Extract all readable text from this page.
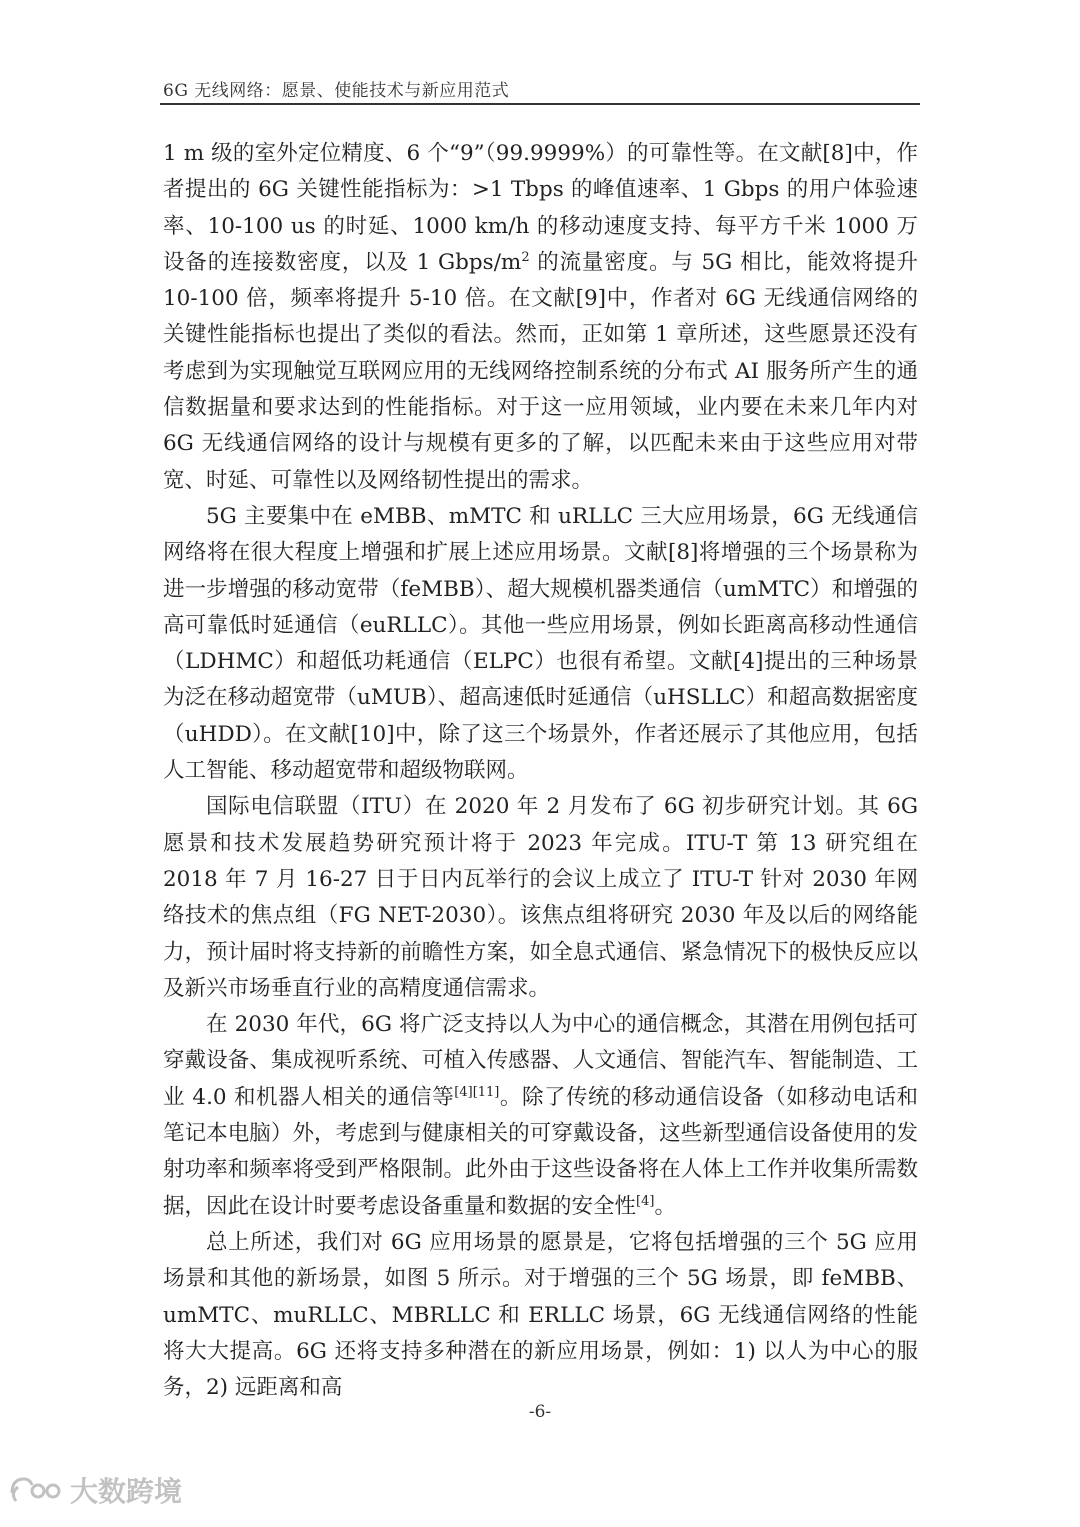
6G 无线网络：愿景、使能技术与新应用范式

1 m 级的室外定位精度、6 个“9”（99.9999%）的可靠性等。在文献[8]中，作者提出的 6G 关键性能指标为：>1 Tbps 的峰值速率、1 Gbps 的用户体验速率、10-100 us 的时延、1000 km/h 的移动速度支持、每平方千米 1000 万设备的连接数密度，以及 1 Gbps/$m^2$ 的流量密度。与 5G 相比，能效将提升 10-100 倍，频率将提升 5-10 倍。在文献[9]中，作者对 6G 无线通信网络的关键性能指标也提出了类似的看法。然而，正如第 1 章所述，这些愿景还没有考虑到为实现触觉互联网应用的无线网络控制系统的分布式 AI 服务所产生的通信数据量和要求达到的性能指标。对于这一应用领域，业内要在未来几年内对 6G 无线通信网络的设计与规模有更多的了解，以匹配未来由于这些应用对带宽、时延、可靠性以及网络韧性提出的需求。

5G 主要集中在 eMBB、mMTC 和 uRLLC 三大应用场景，6G 无线通信网络将在很大程度上增强和扩展上述应用场景。文献[8]将增强的三个场景称为进一步增强的移动宽带（feMBB）、超大规模机器类通信（umMTC）和增强的高可靠低时延通信（euRLLC）。其他一些应用场景，例如长距离高移动性通信（LDHMC）和超低功耗通信（ELPC）也很有希望。文献[4]提出的三种场景为泛在移动超宽带（uMUB）、超高速低时延通信（uHSLLC）和超高数据密度（uHDD）。在文献[10]中，除了这三个场景外，作者还展示了其他应用，包括人工智能、移动超宽带和超级物联网。

国际电信联盟（ITU）在 2020 年 2 月发布了 6G 初步研究计划。其 6G 愿景和技术发展趋势研究预计将于 2023 年完成。ITU-T 第 13 研究组在 2018 年 7 月 16-27 日于日内瓦举行的会议上成立了 ITU-T 针对 2030 年网络技术的焦点组（FG NET-2030）。该焦点组将研究 2030 年及以后的网络能力，预计届时将支持新的前瞻性方案，如全息式通信、紧急情况下的极快反应以及新兴市场垂直行业的高精度通信需求。

在 2030 年代，6G 将广泛支持以人为中心的通信概念，其潜在用例包括可穿戴设备、集成视听系统、可植入传感器、人文通信、智能汽车、智能制造、工业 4.0 和机器人相关的通信等[4][11]。除了传统的移动通信设备（如移动电话和笔记本电脑）外，考虑到与健康相关的可穿戴设备，这些新型通信设备使用的发射功率和频率将受到严格限制。此外由于这些设备将在人体上工作并收集所需数据，因此在设计时要考虑设备重量和数据的安全性[4]。

总上所述，我们对 6G 应用场景的愿景是，它将包括增强的三个 5G 应用场景和其他的新场景，如图 5 所示。对于增强的三个 5G 场景，即 feMBB、umMTC、muRLLC、MBRLLC 和 ERLLC 场景，6G 无线通信网络的性能将大大提高。6G 还将支持多种潜在的新应用场景，例如：1) 以人为中心的服务，2) 远距离和高

-6-
大数跨境
